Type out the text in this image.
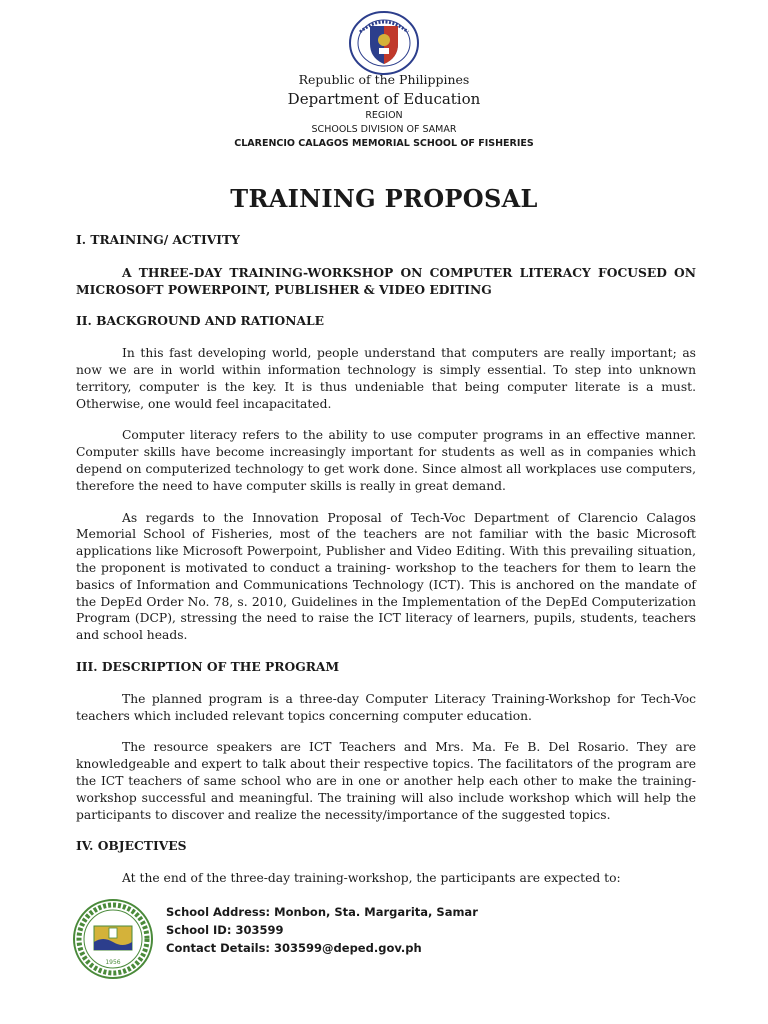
Republic of the Philippines
Department of Education
REGION
SCHOOLS DIVISION OF SAMAR
CLARENCIO CALAGOS MEMORIAL SCHOOL OF FISHERIES
TRAINING PROPOSAL

I. TRAINING/ ACTIVITY

A THREE-DAY TRAINING-WORKSHOP ON COMPUTER LITERACY FOCUSED ON MICROSOFT POWERPOINT, PUBLISHER & VIDEO EDITING

II. BACKGROUND AND RATIONALE

In this fast developing world, people understand that computers are really important; as now we are in world within information technology is simply essential. To step into unknown territory, computer is the key. It is thus undeniable that being computer literate is a must. Otherwise, one would feel incapacitated.

Computer literacy refers to the ability to use computer programs in an effective manner. Computer skills have become increasingly important for students as well as in companies which depend on computerized technology to get work done. Since almost all workplaces use computers, therefore the need to have computer skills is really in great demand.

As regards to the Innovation Proposal of Tech-Voc Department of Clarencio Calagos Memorial School of Fisheries, most of the teachers are not familiar with the basic Microsoft applications like Microsoft Powerpoint, Publisher and Video Editing. With this prevailing situation, the proponent is motivated to conduct a training- workshop to the teachers for them to learn the basics of Information and Communications Technology (ICT). This is anchored on the mandate of the DepEd Order No. 78, s. 2010, Guidelines in the Implementation of the DepEd Computerization Program (DCP), stressing the need to raise the ICT literacy of learners, pupils, students, teachers and school heads.

III. DESCRIPTION OF THE PROGRAM

The planned program is a three-day Computer Literacy Training-Workshop for Tech-Voc teachers which included relevant topics concerning computer education.

The resource speakers are ICT Teachers and Mrs. Ma. Fe B. Del Rosario. They are knowledgeable and expert to talk about their respective topics. The facilitators of the program are the ICT teachers of same school who are in one or another help each other to make the training-workshop successful and meaningful. The training will also include workshop which will help the participants to discover and realize the necessity/importance of the suggested topics.

IV. OBJECTIVES

At the end of the three-day training-workshop, the participants are expected to:

1956
School Address: Monbon, Sta. Margarita, Samar
School ID: 303599
Contact Details: 303599@deped.gov.ph
